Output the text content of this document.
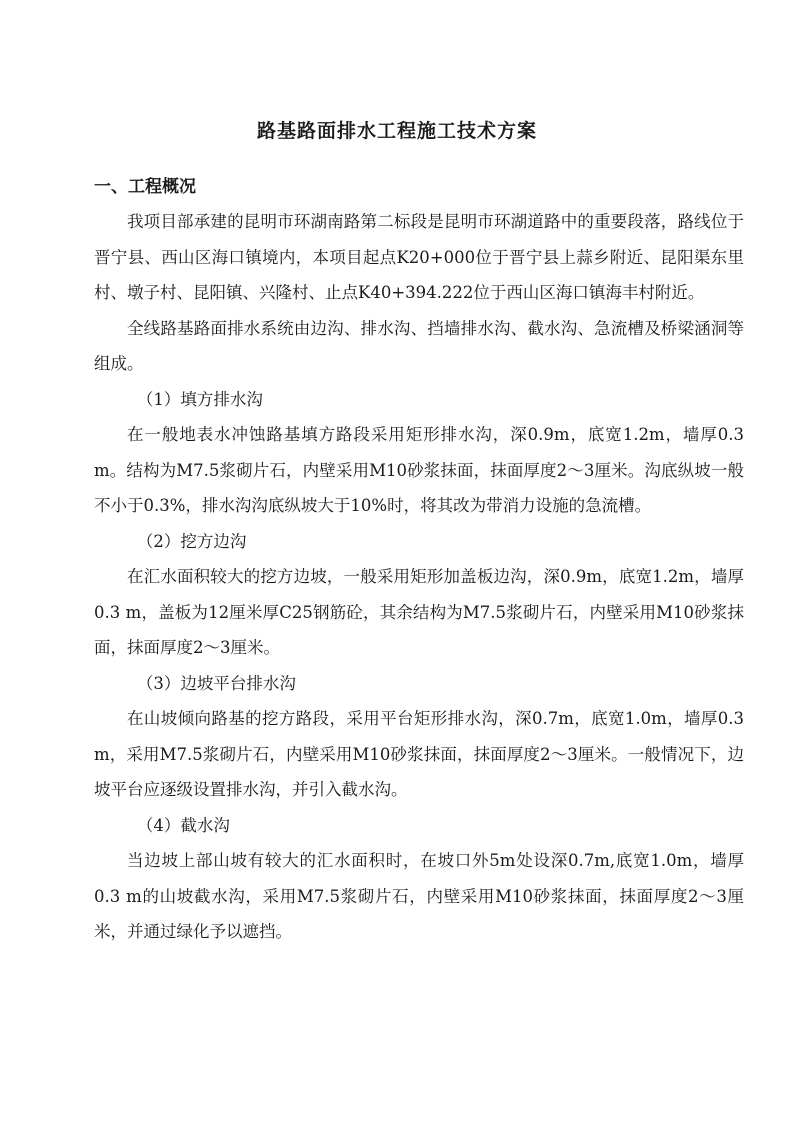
路基路面排水工程施工技术方案
一、工程概况

我项目部承建的昆明市环湖南路第二标段是昆明市环湖道路中的重要段落，路线位于晋宁县、西山区海口镇境内，本项目起点K20+000位于晋宁县上蒜乡附近、昆阳渠东里村、墩子村、昆阳镇、兴隆村、止点K40+394.222位于西山区海口镇海丰村附近。

全线路基路面排水系统由边沟、排水沟、挡墙排水沟、截水沟、急流槽及桥梁涵洞等组成。

（1）填方排水沟

在一般地表水冲蚀路基填方路段采用矩形排水沟，深0.9m，底宽1.2m，墙厚0.3 m。结构为M7.5浆砌片石，内壁采用M10砂浆抹面，抹面厚度2～3厘米。沟底纵坡一般不小于0.3%，排水沟沟底纵坡大于10%时，将其改为带消力设施的急流槽。

（2）挖方边沟

在汇水面积较大的挖方边坡，一般采用矩形加盖板边沟，深0.9m，底宽1.2m，墙厚0.3 m，盖板为12厘米厚C25钢筋砼，其余结构为M7.5浆砌片石，内壁采用M10砂浆抹面，抹面厚度2～3厘米。

（3）边坡平台排水沟

在山坡倾向路基的挖方路段，采用平台矩形排水沟，深0.7m，底宽1.0m，墙厚0.3 m，采用M7.5浆砌片石，内壁采用M10砂浆抹面，抹面厚度2～3厘米。一般情况下，边坡平台应逐级设置排水沟，并引入截水沟。

（4）截水沟

当边坡上部山坡有较大的汇水面积时，在坡口外5m处设深0.7m,底宽1.0m，墙厚0.3 m的山坡截水沟，采用M7.5浆砌片石，内壁采用M10砂浆抹面，抹面厚度2～3厘米，并通过绿化予以遮挡。
